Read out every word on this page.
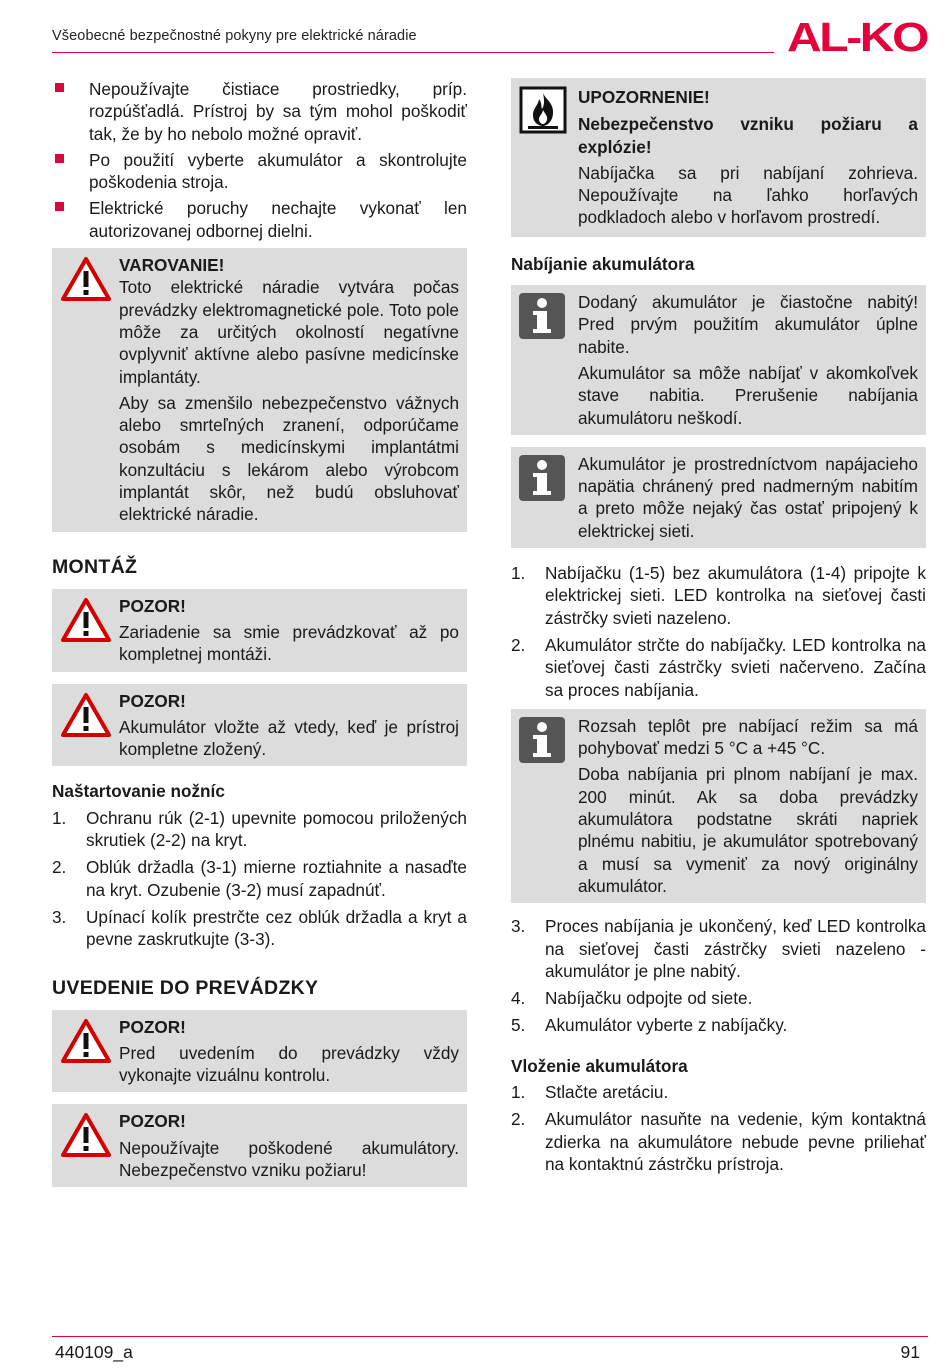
Všeobecné bezpečnostné pokyny pre elektrické náradie	AL-KO
Nepoužívajte čistiace prostriedky, príp. rozpúšťadlá. Prístroj by sa tým mohol poškodiť tak, že by ho nebolo možné opraviť.
Po použití vyberte akumulátor a skontrolujte poškodenia stroja.
Elektrické poruchy nechajte vykonať len autorizovanej odbornej dielni.
VAROVANIE!
Toto elektrické náradie vytvára počas prevádzky elektromagnetické pole. Toto pole môže za určitých okolností negatívne ovplyvniť aktívne alebo pasívne medicínske implantáty.
Aby sa zmenšilo nebezpečenstvo vážnych alebo smrteľných zranení, odporúčame osobám s medicínskymi implantátmi konzultáciu s lekárom alebo výrobcom implantát skôr, než budú obsluhovať elektrické náradie.
MONTÁŽ
POZOR!
Zariadenie sa smie prevádzkovať až po kompletnej montáži.
POZOR!
Akumulátor vložte až vtedy, keď je prístroj kompletne zložený.
Naštartovanie nožníc
1. Ochranu rúk (2-1) upevnite pomocou priložených skrutiek (2-2) na kryt.
2. Oblúk držadla (3-1) mierne roztiahnite a nasaďte na kryt. Ozubenie (3-2) musí zapadnúť.
3. Upínací kolík prestrčte cez oblúk držadla a kryt a pevne zaskrutkujte (3-3).
UVEDENIE DO PREVÁDZKY
POZOR!
Pred uvedením do prevádzky vždy vykonajte vizuálnu kontrolu.
POZOR!
Nepoužívajte poškodené akumulátory. Nebezpečenstvo vzniku požiaru!
UPOZORNENIE!
Nebezpečenstvo vzniku požiaru a explózie!
Nabíjačka sa pri nabíjaní zohrieva. Nepoužívajte na ľahko horľavých podkladoch alebo v horľavom prostredí.
Nabíjanie akumulátora
Dodaný akumulátor je čiastočne nabitý! Pred prvým použitím akumulátor úplne nabite.
Akumulátor sa môže nabíjať v akomkoľvek stave nabitia. Prerušenie nabíjania akumulátoru neškodí.
Akumulátor je prostredníctvom napájacieho napätia chránený pred nadmerným nabitím a preto môže nejaký čas ostať pripojený k elektrickej sieti.
1. Nabíjačku (1-5) bez akumulátora (1-4) pripojte k elektrickej sieti. LED kontrolka na sieťovej časti zástrčky svieti nazeleno.
2. Akumulátor strčte do nabíjačky. LED kontrolka na sieťovej časti zástrčky svieti načerveno. Začína sa proces nabíjania.
Rozsah teplôt pre nabíjací režim sa má pohybovať medzi 5 °C a +45 °C.
Doba nabíjania pri plnom nabíjaní je max. 200 minút. Ak sa doba prevádzky akumulátora podstatne skráti napriek plnému nabitiu, je akumulátor spotrebovaný a musí sa vymeniť za nový originálny akumulátor.
3. Proces nabíjania je ukončený, keď LED kontrolka na sieťovej časti zástrčky svieti nazeleno - akumulátor je plne nabitý.
4. Nabíjačku odpojte od siete.
5. Akumulátor vyberte z nabíjačky.
Vloženie akumulátora
1. Stlačte aretáciu.
2. Akumulátor nasuňte na vedenie, kým kontaktná zdierka na akumulátore nebude pevne priliehať na kontaktnú zástrčku prístroja.
440109_a	91
